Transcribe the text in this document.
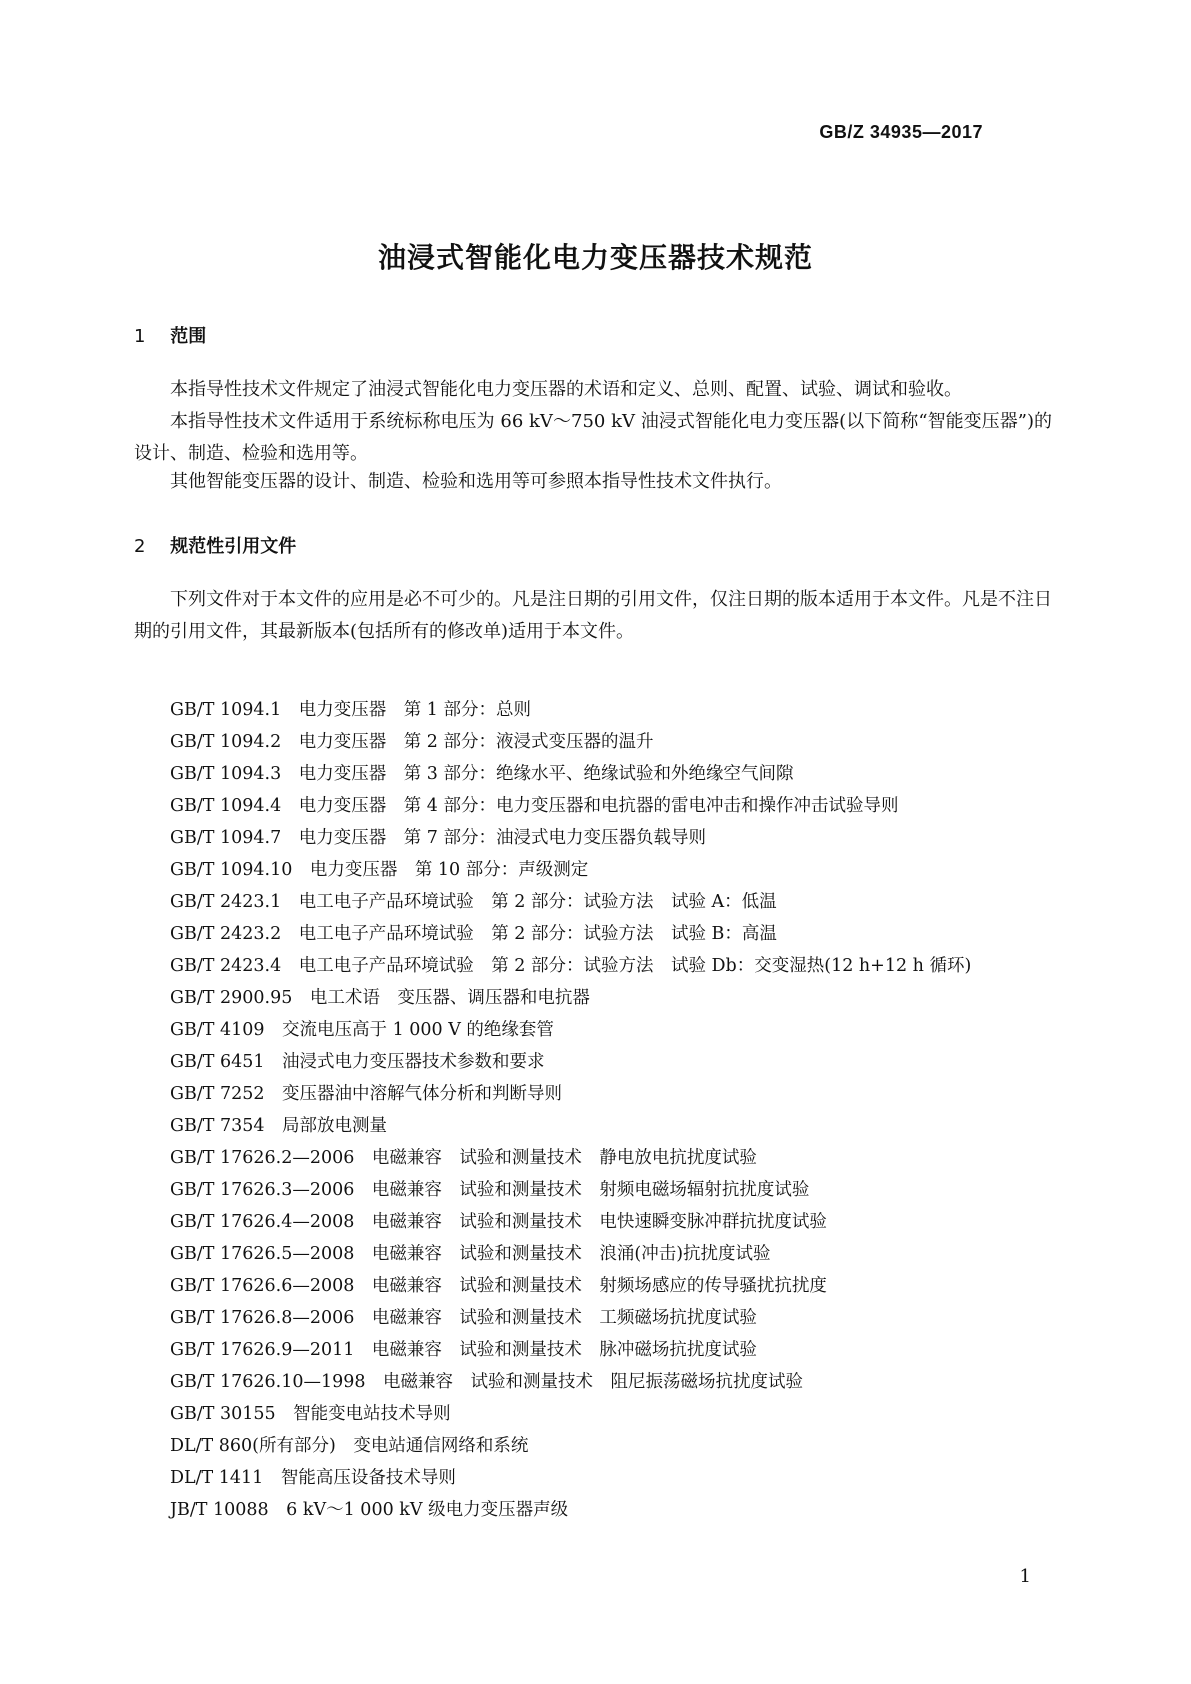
GB/Z 34935—2017
油浸式智能化电力变压器技术规范
1 范围
本指导性技术文件规定了油浸式智能化电力变压器的术语和定义、总则、配置、试验、调试和验收。
本指导性技术文件适用于系统标称电压为 66 kV～750 kV 油浸式智能化电力变压器(以下简称“智能变压器”)的设计、制造、检验和选用等。
其他智能变压器的设计、制造、检验和选用等可参照本指导性技术文件执行。
2 规范性引用文件
下列文件对于本文件的应用是必不可少的。凡是注日期的引用文件，仅注日期的版本适用于本文件。凡是不注日期的引用文件，其最新版本(包括所有的修改单)适用于本文件。
GB/T 1094.1　电力变压器　第 1 部分：总则
GB/T 1094.2　电力变压器　第 2 部分：液浸式变压器的温升
GB/T 1094.3　电力变压器　第 3 部分：绝缘水平、绝缘试验和外绝缘空气间隙
GB/T 1094.4　电力变压器　第 4 部分：电力变压器和电抗器的雷电冲击和操作冲击试验导则
GB/T 1094.7　电力变压器　第 7 部分：油浸式电力变压器负载导则
GB/T 1094.10　电力变压器　第 10 部分：声级测定
GB/T 2423.1　电工电子产品环境试验　第 2 部分：试验方法　试验 A：低温
GB/T 2423.2　电工电子产品环境试验　第 2 部分：试验方法　试验 B：高温
GB/T 2423.4　电工电子产品环境试验　第 2 部分：试验方法　试验 Db：交变湿热(12 h+12 h 循环)
GB/T 2900.95　电工术语　变压器、调压器和电抗器
GB/T 4109　交流电压高于 1 000 V 的绝缘套管
GB/T 6451　油浸式电力变压器技术参数和要求
GB/T 7252　变压器油中溶解气体分析和判断导则
GB/T 7354　局部放电测量
GB/T 17626.2—2006　电磁兼容　试验和测量技术　静电放电抗扰度试验
GB/T 17626.3—2006　电磁兼容　试验和测量技术　射频电磁场辐射抗扰度试验
GB/T 17626.4—2008　电磁兼容　试验和测量技术　电快速瞬变脉冲群抗扰度试验
GB/T 17626.5—2008　电磁兼容　试验和测量技术　浪涌(冲击)抗扰度试验
GB/T 17626.6—2008　电磁兼容　试验和测量技术　射频场感应的传导骚扰抗扰度
GB/T 17626.8—2006　电磁兼容　试验和测量技术　工频磁场抗扰度试验
GB/T 17626.9—2011　电磁兼容　试验和测量技术　脉冲磁场抗扰度试验
GB/T 17626.10—1998　电磁兼容　试验和测量技术　阻尼振荡磁场抗扰度试验
GB/T 30155　智能变电站技术导则
DL/T 860(所有部分)　变电站通信网络和系统
DL/T 1411　智能高压设备技术导则
JB/T 10088　6 kV～1 000 kV 级电力变压器声级
1
